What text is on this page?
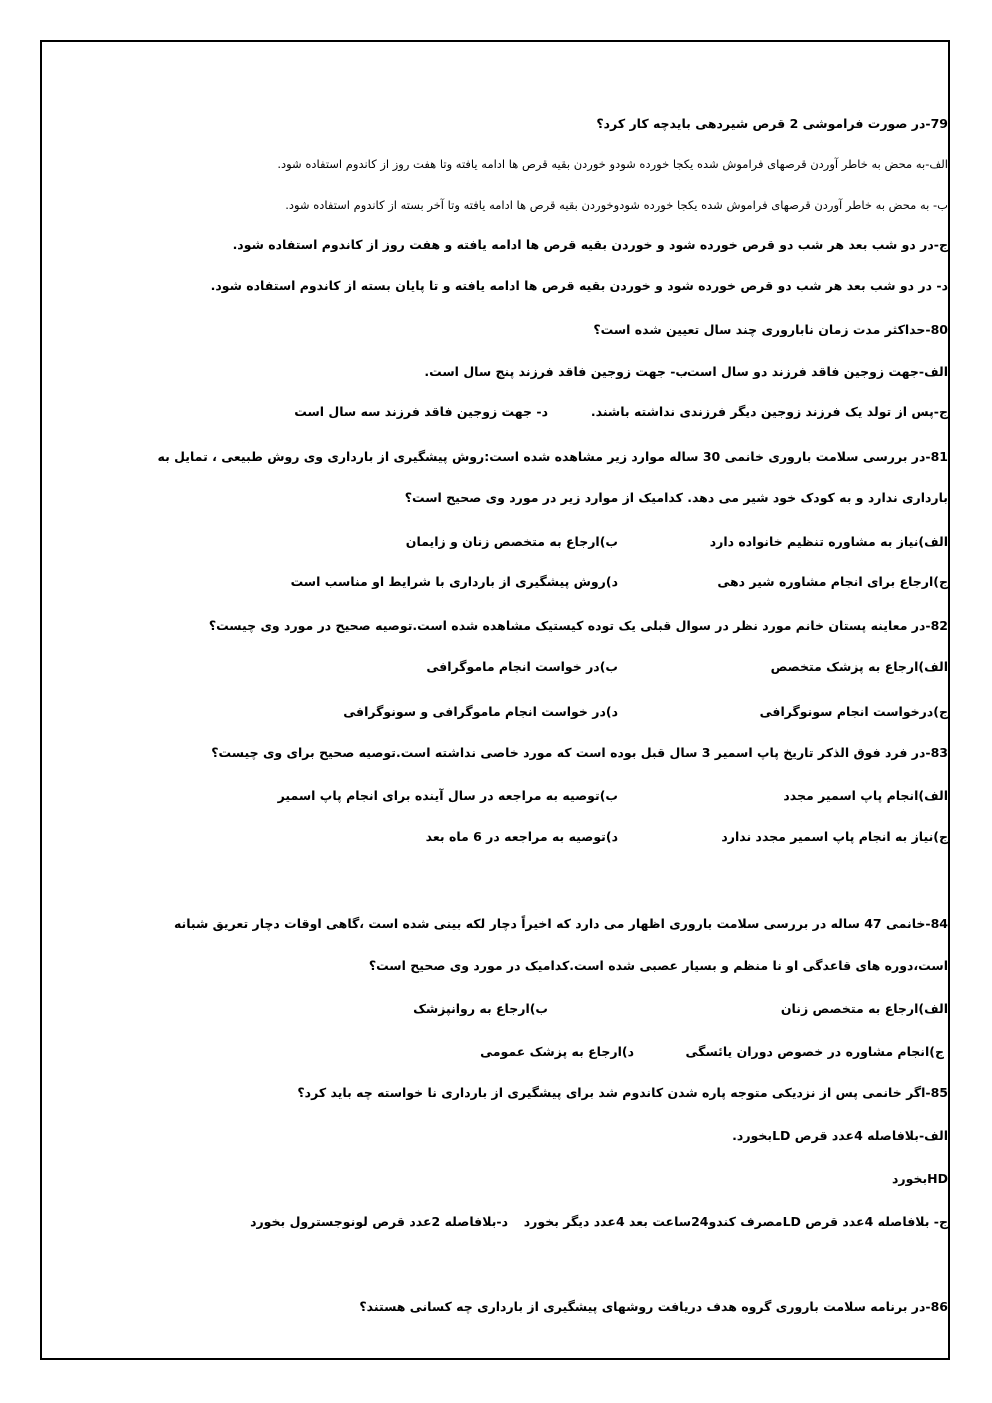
79-در صورت فراموشی 2 قرص شیردهی بایدچه کار کرد؟
الف-به محض به خاطر آوردن قرصهای فراموش شده یکجا خورده شودو خوردن بقیه قرص ها ادامه یافته وتا هفت روز از کاندوم استفاده شود.
ب- به محض به خاطر آوردن قرصهای فراموش شده یکجا خورده شودوخوردن بقیه قرص ها ادامه یافته وتا آخر بسته از کاندوم استفاده شود.
ج-در دو شب بعد هر شب دو قرص خورده شود و خوردن بقیه قرص ها ادامه یافته و هفت روز از کاندوم استفاده شود.
د- در دو شب بعد هر شب دو قرص خورده شود و خوردن بقیه قرص ها ادامه یافته و تا پایان بسته از کاندوم استفاده شود.
80-حداکثر مدت زمان ناباروری چند سال تعیین شده است؟
الف-جهت زوجین فاقد فرزند دو سال است.
ب- جهت زوجین فاقد فرزند پنج سال است.
ج-پس از تولد یک فرزند زوجین دیگر فرزندی نداشته باشند.
د- جهت زوجین فاقد فرزند سه سال است
81-در بررسی سلامت باروری خانمی 30 ساله موارد زیر مشاهده شده است:روش پیشگیری از بارداری وی روش طبیعی ، تمایل به
بارداری ندارد و به کودک خود شیر می دهد. کدامیک از موارد زیر در مورد وی صحیح است؟
الف)نیاز به مشاوره تنظیم خانواده دارد
ب)ارجاع به متخصص زنان و زایمان
ج)ارجاع برای انجام مشاوره شیر دهی
د)روش پیشگیری از بارداری با شرایط او مناسب است
82-در معاینه پستان خانم مورد نظر در سوال قبلی یک توده کیستیک مشاهده شده است.توصیه صحیح در مورد وی چیست؟
الف)ارجاع به پزشک متخصص
ب)در خواست انجام ماموگرافی
ج)درخواست انجام سونوگرافی
د)در خواست انجام ماموگرافی و سونوگرافی
83-در فرد فوق الذکر تاریخ پاپ اسمیر 3 سال قبل بوده است که مورد خاصی نداشته است.توصیه صحیح برای وی چیست؟
الف)انجام پاپ اسمیر مجدد
ب)توصیه به مراجعه در سال آینده برای انجام پاپ اسمیر
ج)نیاز به انجام پاپ اسمیر مجدد ندارد
د)توصیه به مراجعه در 6 ماه بعد
84-خانمی 47 ساله در بررسی سلامت باروری اظهار می دارد که اخیراً دچار لکه بینی شده است ،گاهی اوقات دچار تعریق شبانه
است،دوره های قاعدگی او نا منظم و بسیار عصبی شده است.کدامیک در مورد وی صحیح است؟
الف)ارجاع به متخصص زنان
ب)ارجاع به روانپزشک
ج)انجام مشاوره در خصوص دوران یائسگی
د)ارجاع به پزشک عمومی
85-اگر خانمی پس از نزدیکی متوجه پاره شدن کاندوم شد برای پیشگیری از بارداری نا خواسته چه باید کرد؟
الف-بلافاصله 4عدد قرص LDبخورد.
HDبخورد
ج- بلافاصله 4عدد قرص LDمصرف کندو24ساعت بعد 4عدد دیگر بخورد
د-بلافاصله 2عدد قرص لونوجسترول بخورد
86-در برنامه سلامت باروری گروه هدف دریافت روشهای پیشگیری از بارداری چه کسانی هستند؟
